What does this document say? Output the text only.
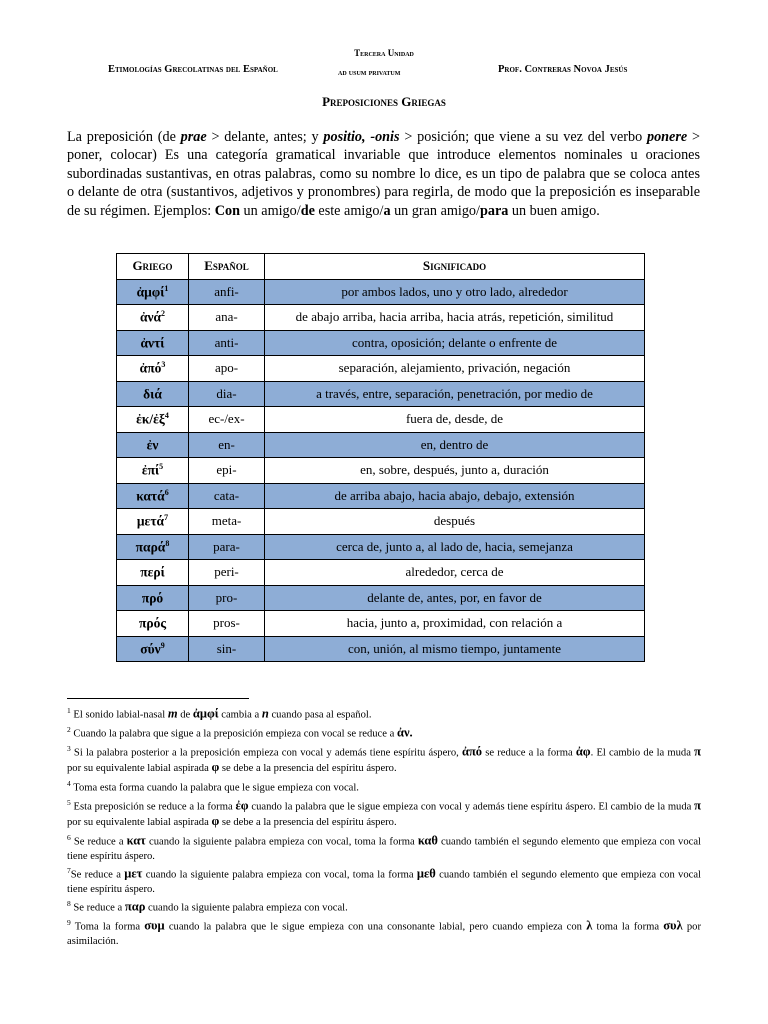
Tercera Unidad
Etimologías Grecolatinas del Español	ad usum privatum	Prof. Contreras Novoa Jesús
Preposiciones Griegas
La preposición (de prae > delante, antes; y positio, -onis > posición; que viene a su vez del verbo ponere > poner, colocar) Es una categoría gramatical invariable que introduce elementos nominales u oraciones subordinadas sustantivas, en otras palabras, como su nombre lo dice, es un tipo de palabra que se coloca antes o delante de otra (sustantivos, adjetivos y pronombres) para regirla, de modo que la preposición es inseparable de su régimen. Ejemplos: Con un amigo/de este amigo/a un gran amigo/para un buen amigo.
Griego	Español	Significado
ἀμφί$^1$	anfi-	por ambos lados, uno y otro lado, alrededor
ἀνά$^2$	ana-	de abajo arriba, hacia arriba, hacia atrás, repetición, similitud
ἀντί	anti-	contra, oposición; delante o enfrente de
ἀπό$^3$	apo-	separación, alejamiento, privación, negación
διά	dia-	a través, entre, separación, penetración, por medio de
ἐκ/ἐξ$^4$	ec-/ex-	fuera de, desde, de
ἐν	en-	en, dentro de
ἐπί$^5$	epi-	en, sobre, después, junto a, duración
κατά$^6$	cata-	de arriba abajo, hacia abajo, debajo, extensión
μετά$^7$	meta-	después
παρά$^8$	para-	cerca de, junto a, al lado de, hacia, semejanza
περί	peri-	alrededor, cerca de
πρό	pro-	delante de, antes, por, en favor de
πρός	pros-	hacia, junto a, proximidad, con relación a
σύν$^9$	sin-	con, unión, al mismo tiempo, juntamente

$^1$ El sonido labial-nasal m de ἀμφί cambia a n cuando pasa al español.

$^2$ Cuando la palabra que sigue a la preposición empieza con vocal se reduce a ἀν.

$^3$ Si la palabra posterior a la preposición empieza con vocal y además tiene espíritu áspero, ἀπό se reduce a la forma ἀφ. El cambio de la muda π por su equivalente labial aspirada φ se debe a la presencia del espíritu áspero.

$^4$ Toma esta forma cuando la palabra que le sigue empieza con vocal.

$^5$ Esta preposición se reduce a la forma ἐφ cuando la palabra que le sigue empieza con vocal y además tiene espíritu áspero. El cambio de la muda π por su equivalente labial aspirada φ se debe a la presencia del espíritu áspero.

$^6$ Se reduce a κατ cuando la siguiente palabra empieza con vocal, toma la forma καθ cuando también el segundo elemento que empieza con vocal tiene espíritu áspero.

$^7$Se reduce a μετ cuando la siguiente palabra empieza con vocal, toma la forma μεθ cuando también el segundo elemento que empieza con vocal tiene espíritu áspero.

$^8$ Se reduce a παρ cuando la siguiente palabra empieza con vocal.

$^9$ Toma la forma συμ cuando la palabra que le sigue empieza con una consonante labial, pero cuando empieza con λ toma la forma συλ por asimilación.
